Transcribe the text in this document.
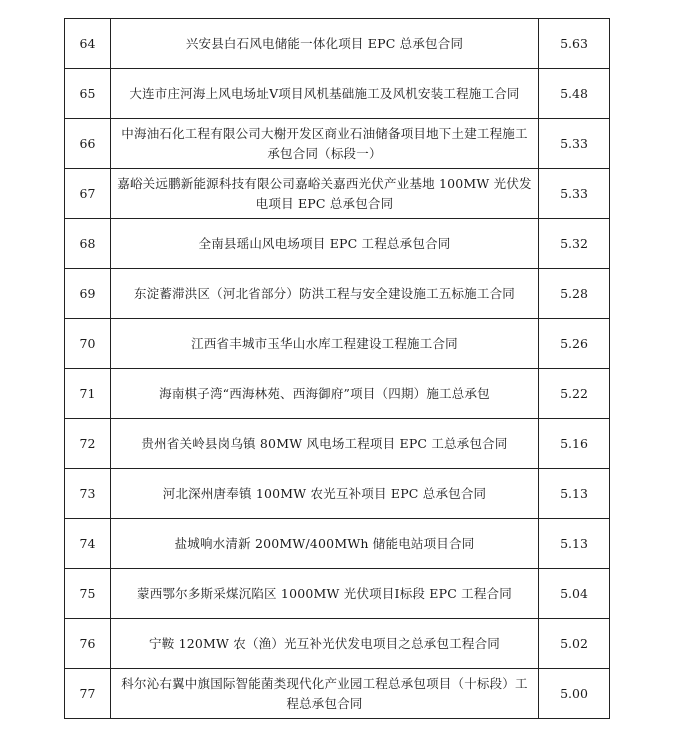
64	兴安县白石风电储能一体化项目 EPC 总承包合同	5.63
65	大连市庄河海上风电场址Ⅴ项目风机基础施工及风机安装工程施工合同	5.48
66	中海油石化工程有限公司大榭开发区商业石油储备项目地下土建工程施工承包合同（标段一）	5.33
67	嘉峪关远鹏新能源科技有限公司嘉峪关嘉西光伏产业基地 100MW 光伏发电项目 EPC 总承包合同	5.33
68	全南县瑶山风电场项目 EPC 工程总承包合同	5.32
69	东淀蓄滞洪区（河北省部分）防洪工程与安全建设施工五标施工合同	5.28
70	江西省丰城市玉华山水库工程建设工程施工合同	5.26
71	海南棋子湾“西海林苑、西海御府”项目（四期）施工总承包	5.22
72	贵州省关岭县岗乌镇 80MW 风电场工程项目 EPC 工总承包合同	5.16
73	河北深州唐奉镇 100MW 农光互补项目 EPC 总承包合同	5.13
74	盐城响水清新 200MW/400MWh 储能电站项目合同	5.13
75	蒙西鄂尔多斯采煤沉陷区 1000MW 光伏项目Ⅰ标段 EPC 工程合同	5.04
76	宁鞍 120MW 农（渔）光互补光伏发电项目之总承包工程合同	5.02
77	科尔沁右翼中旗国际智能菌类现代化产业园工程总承包项目（十标段）工程总承包合同	5.00
